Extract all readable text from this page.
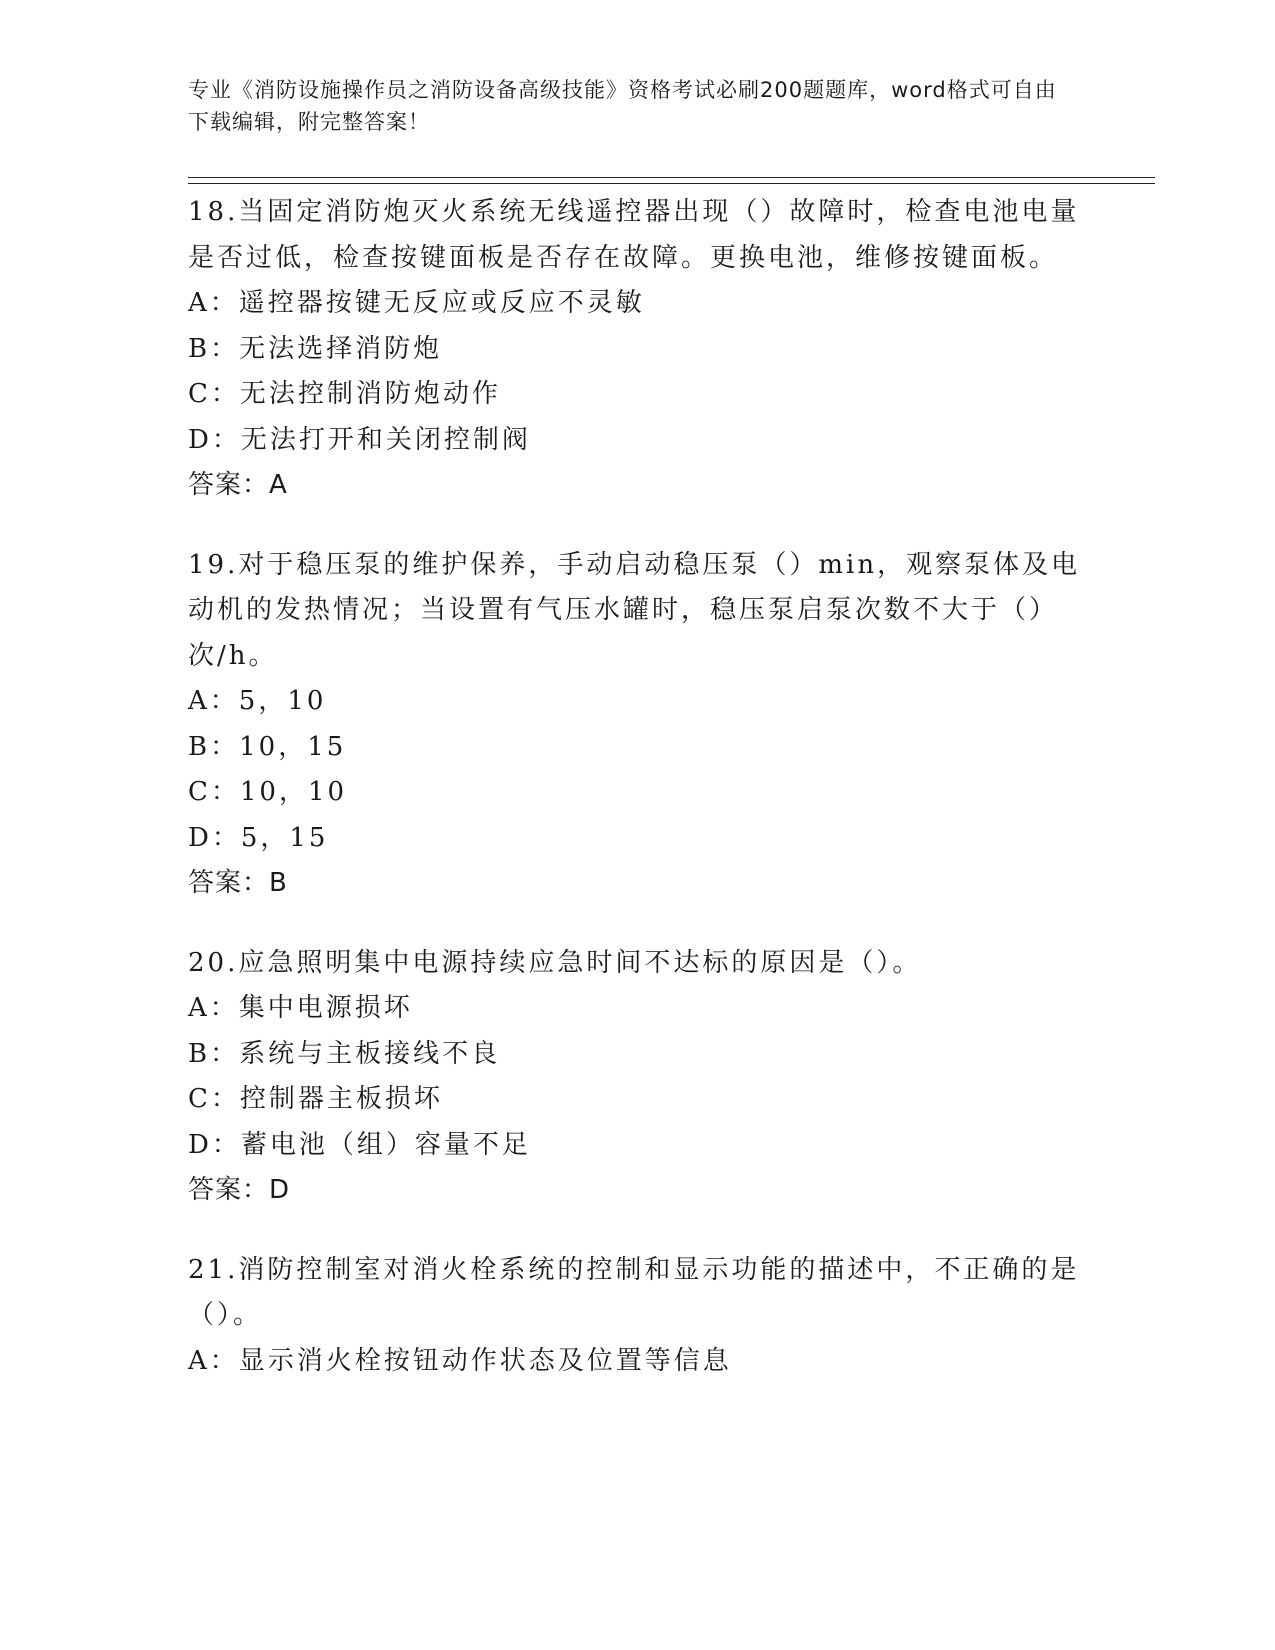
专业《消防设施操作员之消防设备高级技能》资格考试必刷200题题库，word格式可自由下载编辑，附完整答案！
18.当固定消防炮灭火系统无线遥控器出现（）故障时，检查电池电量是否过低，检查按键面板是否存在故障。更换电池，维修按键面板。
A：遥控器按键无反应或反应不灵敏
B：无法选择消防炮
C：无法控制消防炮动作
D：无法打开和关闭控制阀
答案：A
19.对于稳压泵的维护保养，手动启动稳压泵（）min，观察泵体及电动机的发热情况；当设置有气压水罐时，稳压泵启泵次数不大于（）次/h。
A：5，10
B：10，15
C：10，10
D：5，15
答案：B
20.应急照明集中电源持续应急时间不达标的原因是（）。
A：集中电源损坏
B：系统与主板接线不良
C：控制器主板损坏
D：蓄电池（组）容量不足
答案：D
21.消防控制室对消火栓系统的控制和显示功能的描述中，不正确的是（）。
A：显示消火栓按钮动作状态及位置等信息
